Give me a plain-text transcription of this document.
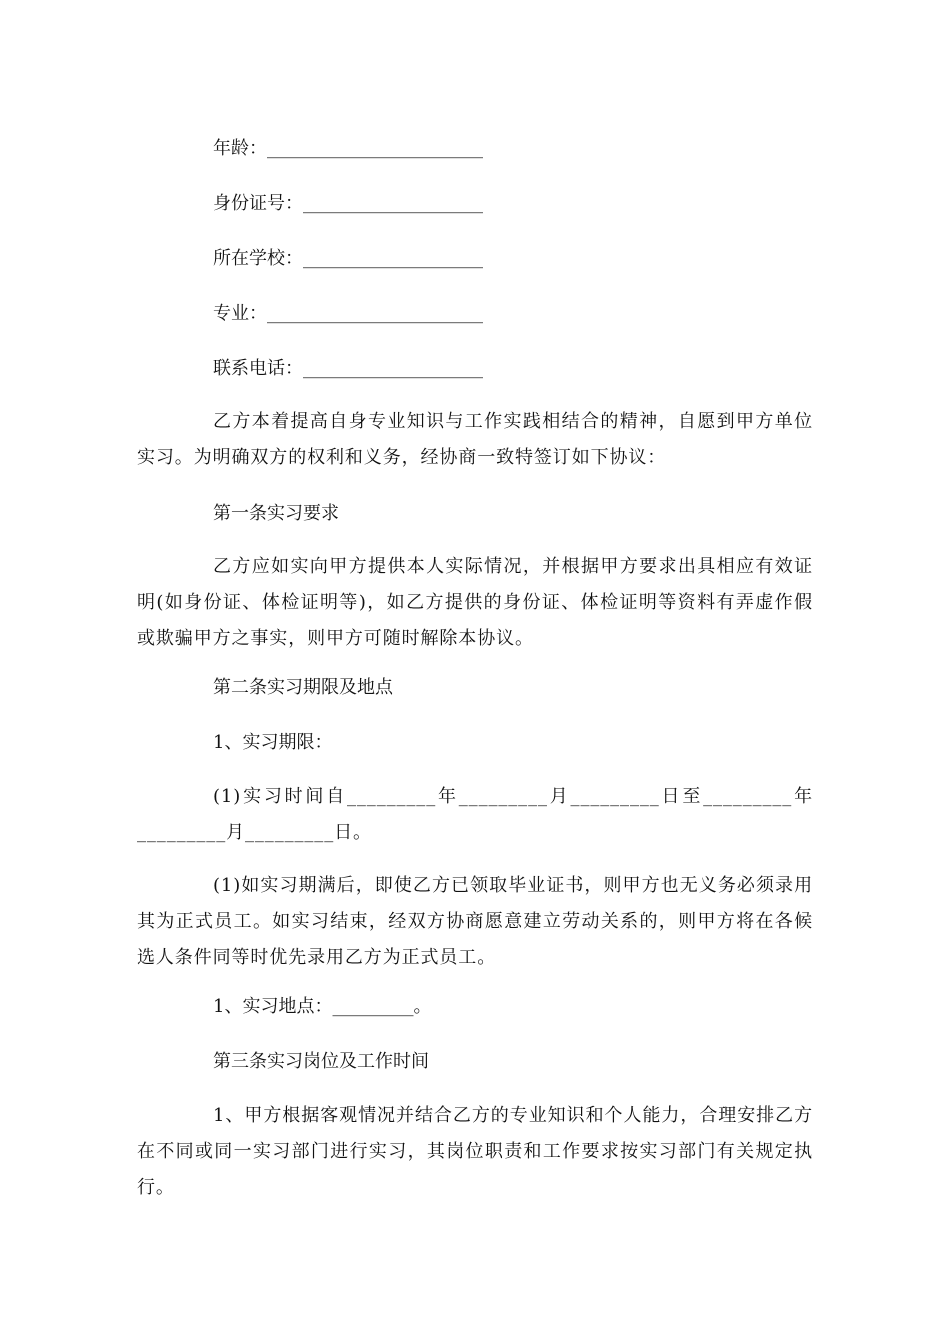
年龄：________________________
身份证号：____________________
所在学校：____________________
专业：________________________
联系电话：____________________
乙方本着提高自身专业知识与工作实践相结合的精神，自愿到甲方单位实习。为明确双方的权利和义务，经协商一致特签订如下协议：
第一条实习要求
乙方应如实向甲方提供本人实际情况，并根据甲方要求出具相应有效证明(如身份证、体检证明等)，如乙方提供的身份证、体检证明等资料有弄虚作假或欺骗甲方之事实，则甲方可随时解除本协议。
第二条实习期限及地点
1、实习期限：
(1)实习时间自_________年_________月_________日至_________年_________月_________日。
(1)如实习期满后，即使乙方已领取毕业证书，则甲方也无义务必须录用其为正式员工。如实习结束，经双方协商愿意建立劳动关系的，则甲方将在各候选人条件同等时优先录用乙方为正式员工。
1、实习地点：_________。
第三条实习岗位及工作时间
1、甲方根据客观情况并结合乙方的专业知识和个人能力，合理安排乙方在不同或同一实习部门进行实习，其岗位职责和工作要求按实习部门有关规定执行。
